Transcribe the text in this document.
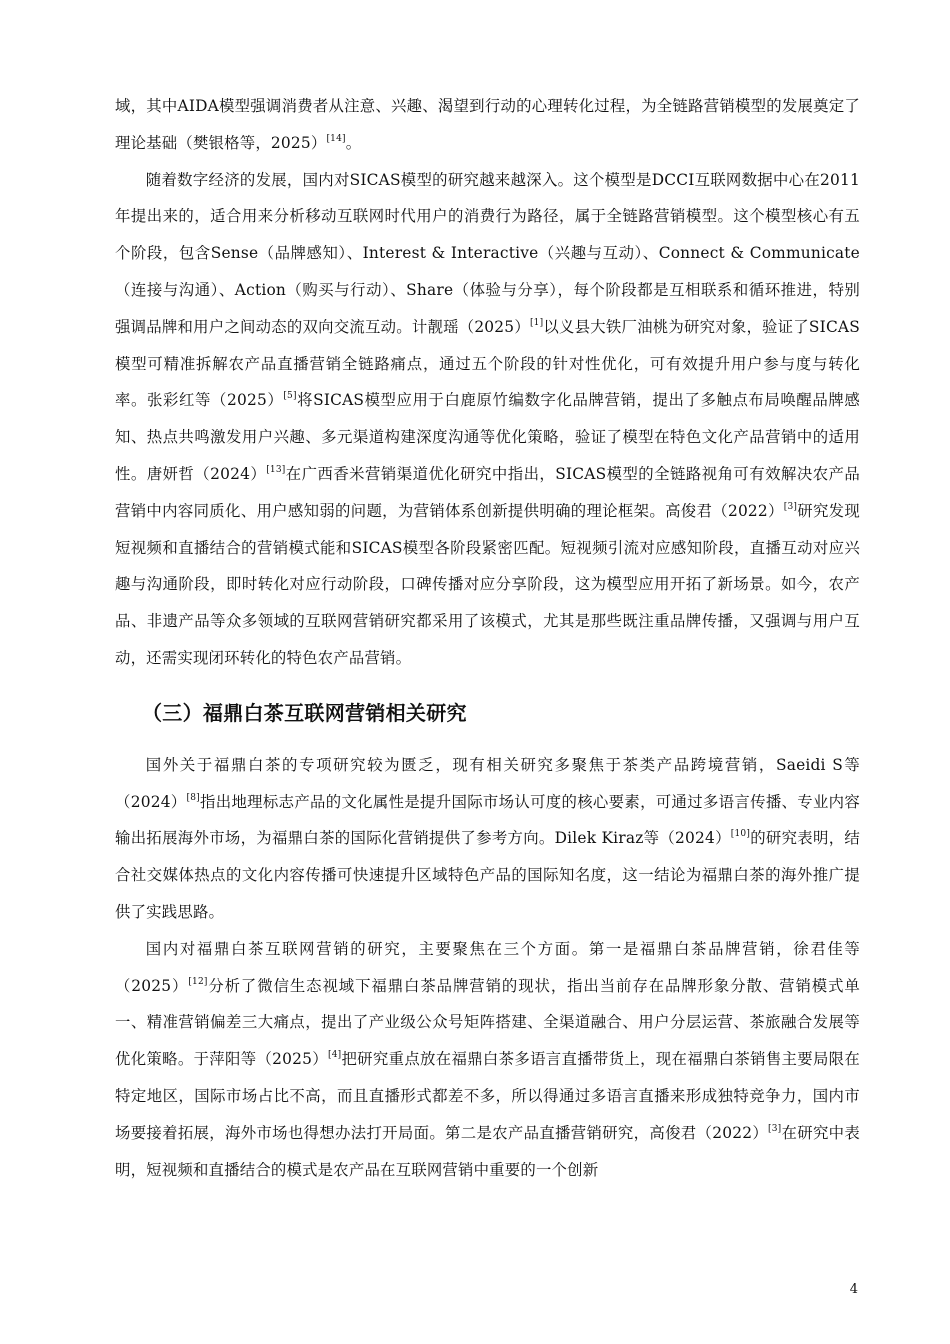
域，其中AIDA模型强调消费者从注意、兴趣、渴望到行动的心理转化过程，为全链路营销模型的发展奠定了理论基础（樊银格等，2025）[14]。

随着数字经济的发展，国内对SICAS模型的研究越来越深入。这个模型是DCCI互联网数据中心在2011年提出来的，适合用来分析移动互联网时代用户的消费行为路径，属于全链路营销模型。这个模型核心有五个阶段，包含Sense（品牌感知）、Interest & Interactive（兴趣与互动）、Connect & Communicate（连接与沟通）、Action（购买与行动）、Share（体验与分享），每个阶段都是互相联系和循环推进，特别强调品牌和用户之间动态的双向交流互动。计靓瑶（2025）[1]以义县大铁厂油桃为研究对象，验证了SICAS模型可精准拆解农产品直播营销全链路痛点，通过五个阶段的针对性优化，可有效提升用户参与度与转化率。张彩红等（2025）[5]将SICAS模型应用于白鹿原竹编数字化品牌营销，提出了多触点布局唤醒品牌感知、热点共鸣激发用户兴趣、多元渠道构建深度沟通等优化策略，验证了模型在特色文化产品营销中的适用性。唐妍哲（2024）[13]在广西香米营销渠道优化研究中指出，SICAS模型的全链路视角可有效解决农产品营销中内容同质化、用户感知弱的问题，为营销体系创新提供明确的理论框架。高俊君（2022）[3]研究发现短视频和直播结合的营销模式能和SICAS模型各阶段紧密匹配。短视频引流对应感知阶段，直播互动对应兴趣与沟通阶段，即时转化对应行动阶段，口碑传播对应分享阶段，这为模型应用开拓了新场景。如今，农产品、非遗产品等众多领域的互联网营销研究都采用了该模式，尤其是那些既注重品牌传播，又强调与用户互动，还需实现闭环转化的特色农产品营销。

（三）福鼎白茶互联网营销相关研究

国外关于福鼎白茶的专项研究较为匮乏，现有相关研究多聚焦于茶类产品跨境营销，Saeidi S等（2024）[8]指出地理标志产品的文化属性是提升国际市场认可度的核心要素，可通过多语言传播、专业内容输出拓展海外市场，为福鼎白茶的国际化营销提供了参考方向。Dilek Kiraz等（2024）[10]的研究表明，结合社交媒体热点的文化内容传播可快速提升区域特色产品的国际知名度，这一结论为福鼎白茶的海外推广提供了实践思路。

国内对福鼎白茶互联网营销的研究，主要聚焦在三个方面。第一是福鼎白茶品牌营销，徐君佳等（2025）[12]分析了微信生态视域下福鼎白茶品牌营销的现状，指出当前存在品牌形象分散、营销模式单一、精准营销偏差三大痛点，提出了产业级公众号矩阵搭建、全渠道融合、用户分层运营、茶旅融合发展等优化策略。于萍阳等（2025）[4]把研究重点放在福鼎白茶多语言直播带货上，现在福鼎白茶销售主要局限在特定地区，国际市场占比不高，而且直播形式都差不多，所以得通过多语言直播来形成独特竞争力，国内市场要接着拓展，海外市场也得想办法打开局面。第二是农产品直播营销研究，高俊君（2022）[3]在研究中表明，短视频和直播结合的模式是农产品在互联网营销中重要的一个创新

4
